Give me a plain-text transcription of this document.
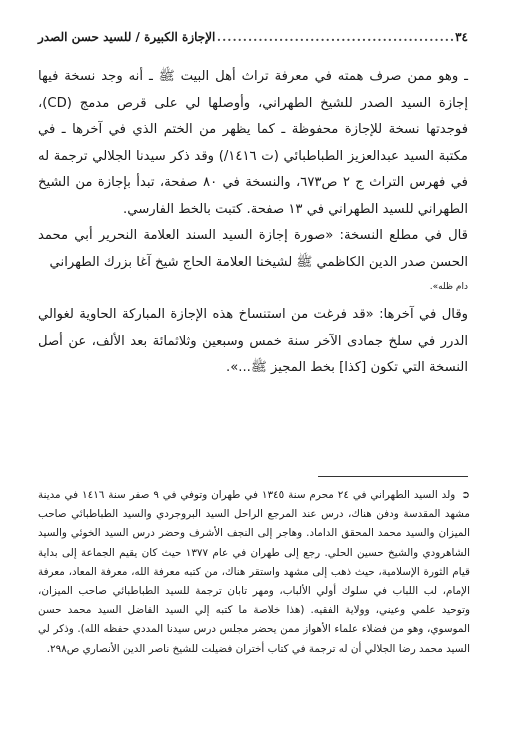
٣٤
..............................................
الإجازة الكبيرة / للسيد حسن الصدر

ـ وهو ممن صرف همته في معرفة تراث أهل البيت ﷺ ـ أنه وجد نسخة فيها إجازة السيد الصدر للشيخ الطهراني، وأوصلها لي على قرص مدمج (CD)، فوجدتها نسخة للإجازة محفوظة ـ كما يظهر من الختم الذي في آخرها ـ في مكتبة السيد عبدالعزيز الطباطبائي (ت ١٤١٦/) وقد ذكر سيدنا الجلالي ترجمة له في فهرس التراث ج ٢ ص٦٧٣، والنسخة في ٨٠ صفحة، تبدأ بإجازة من الشيخ الطهراني للسيد الطهراني في ١٣ صفحة. كتبت بالخط الفارسي.

قال في مطلع النسخة: «صورة إجازة السيد السند العلامة النحرير أبي محمد الحسن صدر الدين الكاظمي ﷺ لشيخنا العلامة الحاج شيخ آغا بزرك الطهراني

دام ظله».

وقال في آخرها: «قد فرغت من استنساخ هذه الإجازة المباركة الحاوية لغوالي الدرر في سلخ جمادى الآخر سنة خمس وسبعين وثلاثمائة بعد الألف، عن أصل النسخة التي تكون [كذا] بخط المجيز ﷺ...».

➲ولد السيد الطهراني في ٢٤ محرم سنة ١٣٤٥ في طهران وتوفي في ٩ صفر سنة ١٤١٦ في مدينة مشهد المقدسة ودفن هناك، درس عند المرجع الراحل السيد البروجردي والسيد الطباطبائي صاحب الميزان والسيد محمد المحقق الداماد. وهاجر إلى النجف الأشرف وحضر درس السيد الخوئي والسيد الشاهرودي والشيخ حسين الحلي. رجع إلى طهران في عام ١٣٧٧ حيث كان يقيم الجماعة إلى بداية قيام الثورة الإسلامية، حيث ذهب إلى مشهد واستقر هناك، من كتبه معرفة الله، معرفة المعاد، معرفة الإمام، لب اللباب في سلوك أولي الألباب، ومهر تابان ترجمة للسيد الطباطبائي صاحب الميزان، وتوحيد علمي وعيني، وولاية الفقيه. (هذا خلاصة ما كتبه إلي السيد الفاضل السيد محمد حسن الموسوي، وهو من فضلاء علماء الأهواز ممن يحضر مجلس درس سيدنا المددي حفظه الله). وذكر لي السيد محمد رضا الجلالي أن له ترجمة في كتاب أختران فضيلت للشيخ ناصر الدين الأنصاري ص٢٩٨.
